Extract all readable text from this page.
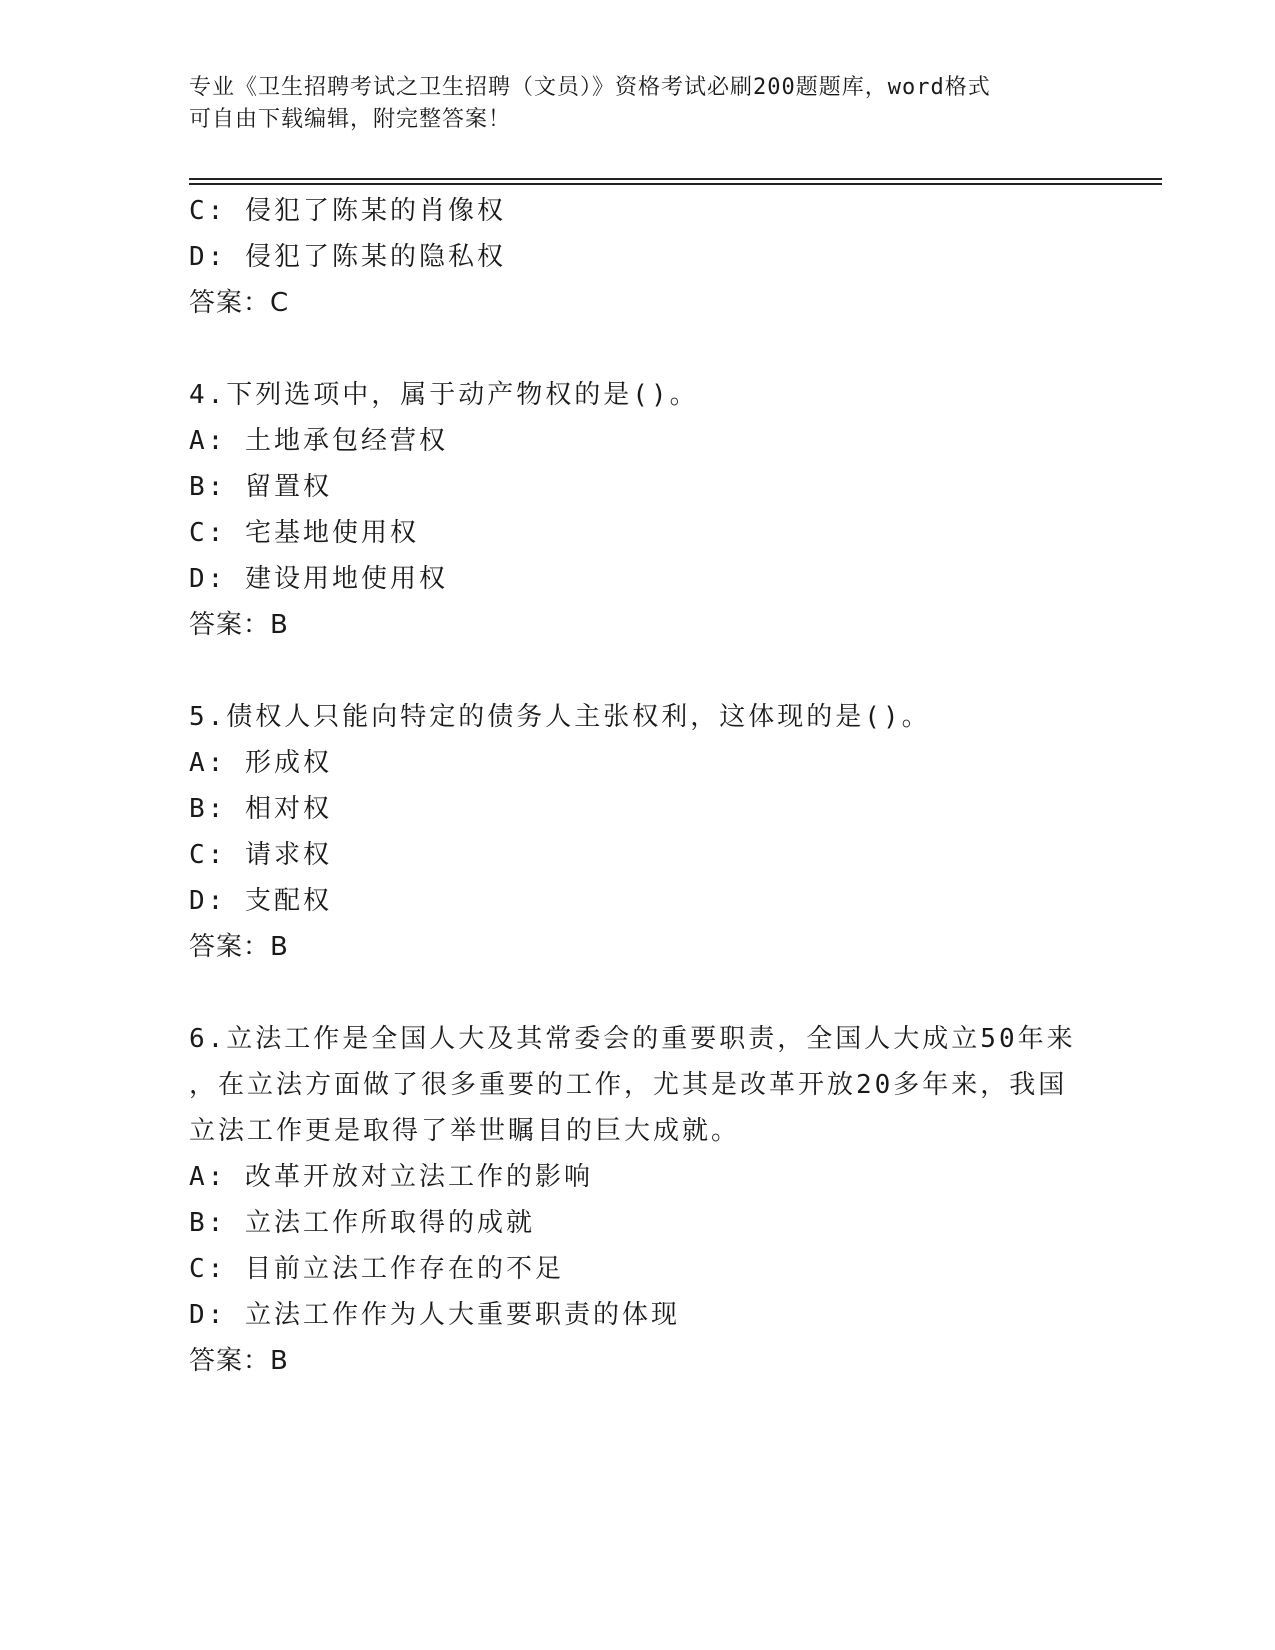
专业《卫生招聘考试之卫生招聘（文员）》资格考试必刷200题题库，word格式
可自由下载编辑，附完整答案！
C: 侵犯了陈某的肖像权
D: 侵犯了陈某的隐私权
答案：C
4.下列选项中，属于动产物权的是()。
A: 土地承包经营权
B: 留置权
C: 宅基地使用权
D: 建设用地使用权
答案：B
5.债权人只能向特定的债务人主张权利，这体现的是()。
A: 形成权
B: 相对权
C: 请求权
D: 支配权
答案：B
6.立法工作是全国人大及其常委会的重要职责，全国人大成立50年来
，在立法方面做了很多重要的工作，尤其是改革开放20多年来，我国
立法工作更是取得了举世瞩目的巨大成就。
A: 改革开放对立法工作的影响
B: 立法工作所取得的成就
C: 目前立法工作存在的不足
D: 立法工作作为人大重要职责的体现
答案：B
